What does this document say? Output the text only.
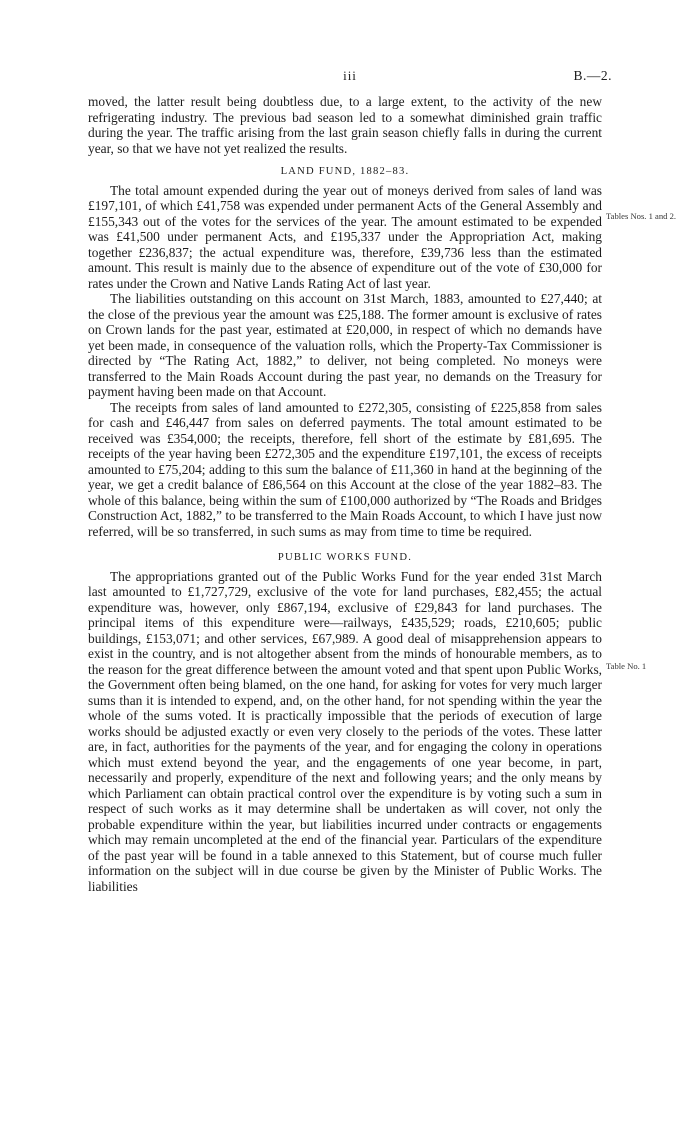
iii	B.—2.

moved, the latter result being doubtless due, to a large extent, to the activity of the new refrigerating industry. The previous bad season led to a somewhat diminished grain traffic during the year. The traffic arising from the last grain season chiefly falls in during the current year, so that we have not yet realized the results.

LAND FUND, 1882–83.

The total amount expended during the year out of moneys derived from sales of land was £197,101, of which £41,758 was expended under permanent Acts of the General Assembly and £155,343 out of the votes for the services of the year. The amount estimated to be expended was £41,500 under permanent Acts, and £195,337 under the Appropriation Act, making together £236,837; the actual expenditure was, therefore, £39,736 less than the estimated amount. This result is mainly due to the absence of expenditure out of the vote of £30,000 for rates under the Crown and Native Lands Rating Act of last year.

The liabilities outstanding on this account on 31st March, 1883, amounted to £27,440; at the close of the previous year the amount was £25,188. The former amount is exclusive of rates on Crown lands for the past year, estimated at £20,000, in respect of which no demands have yet been made, in consequence of the valuation rolls, which the Property-Tax Commissioner is directed by “The Rating Act, 1882,” to deliver, not being completed. No moneys were transferred to the Main Roads Account during the past year, no demands on the Treasury for payment having been made on that Account.

The receipts from sales of land amounted to £272,305, consisting of £225,858 from sales for cash and £46,447 from sales on deferred payments. The total amount estimated to be received was £354,000; the receipts, therefore, fell short of the estimate by £81,695. The receipts of the year having been £272,305 and the expenditure £197,101, the excess of receipts amounted to £75,204; adding to this sum the balance of £11,360 in hand at the beginning of the year, we get a credit balance of £86,564 on this Account at the close of the year 1882–83. The whole of this balance, being within the sum of £100,000 authorized by “The Roads and Bridges Construction Act, 1882,” to be transferred to the Main Roads Account, to which I have just now referred, will be so transferred, in such sums as may from time to time be required.

PUBLIC WORKS FUND.

The appropriations granted out of the Public Works Fund for the year ended 31st March last amounted to £1,727,729, exclusive of the vote for land purchases, £82,455; the actual expenditure was, however, only £867,194, exclusive of £29,843 for land purchases. The principal items of this expenditure were—railways, £435,529; roads, £210,605; public buildings, £153,071; and other services, £67,989. A good deal of misapprehension appears to exist in the country, and is not altogether absent from the minds of honourable members, as to the reason for the great difference between the amount voted and that spent upon Public Works, the Government often being blamed, on the one hand, for asking for votes for very much larger sums than it is intended to expend, and, on the other hand, for not spending within the year the whole of the sums voted. It is practically impossible that the periods of execution of large works should be adjusted exactly or even very closely to the periods of the votes. These latter are, in fact, authorities for the payments of the year, and for engaging the colony in operations which must extend beyond the year, and the engagements of one year become, in part, necessarily and properly, expenditure of the next and following years; and the only means by which Parliament can obtain practical control over the expenditure is by voting such a sum in respect of such works as it may determine shall be undertaken as will cover, not only the probable expenditure within the year, but liabilities incurred under contracts or engagements which may remain uncompleted at the end of the financial year. Particulars of the expenditure of the past year will be found in a table annexed to this Statement, but of course much fuller information on the subject will in due course be given by the Minister of Public Works. The liabilities

Tables Nos. 1 and 2.
Table No. 1
